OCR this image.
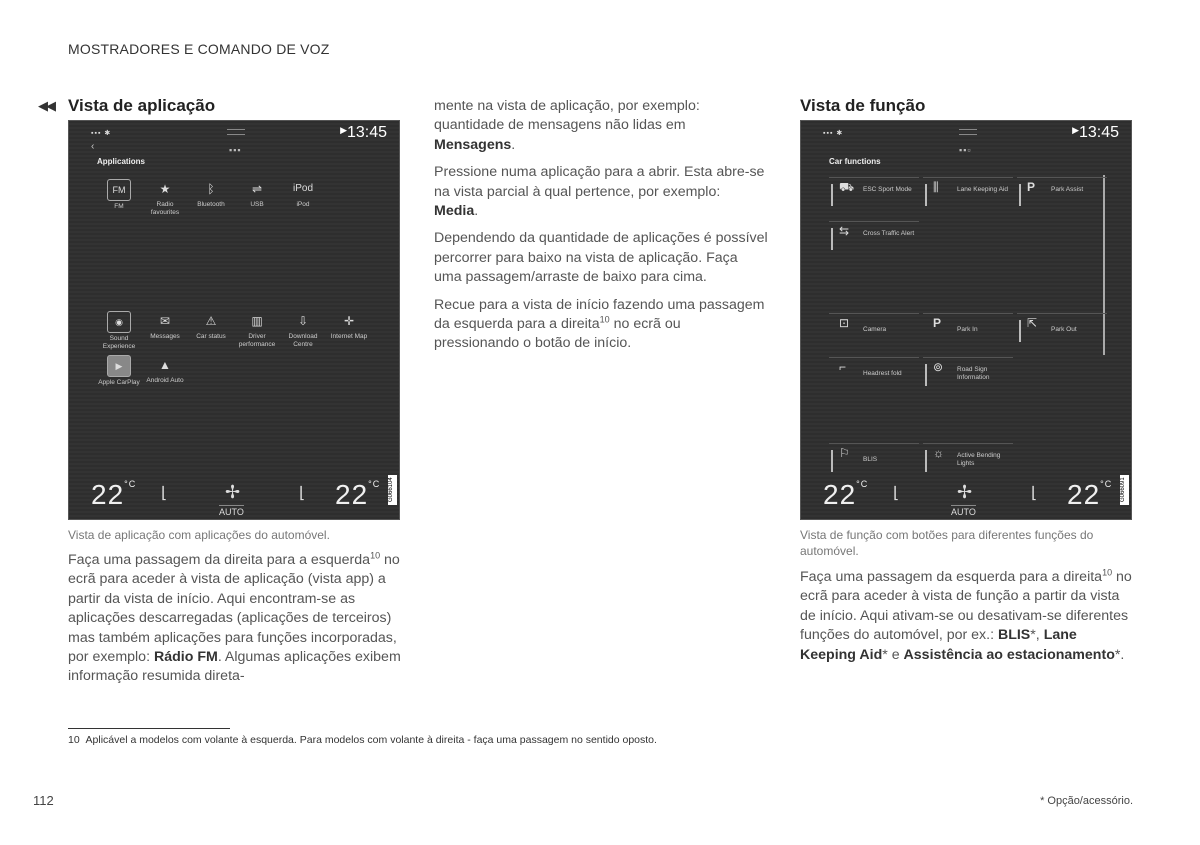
MOSTRADORES E COMANDO DE VOZ
◀◀ Vista de aplicação
▪▪▪ ✱	▶ 13:45
‹	▪▪▪
Applications
FM
FM
★
Radio favourites
ᛒ
Bluetooth
⇌
USB
iPod
iPod
◉
Sound Experience
✉
Messages
⚠
Car status
▥
Driver performance
⇩
Download Centre
✛
Internet Map
▶
Apple CarPlay
▲
Android Auto
$22^{^\circ C}$
⌊	✢
AUTO
⌊ $22^{^\circ C}$ G066104
Vista de aplicação com aplicações do automóvel.

Faça uma passagem da direita para a esquerda$^{10}$ no ecrã para aceder à vista de aplicação (vista app) a partir da vista de início. Aqui encontram-se as aplicações descarregadas (aplicações de terceiros) mas também aplicações para funções incorporadas, por exemplo: Rádio FM. Algumas aplicações exibem informação resumida direta-

mente na vista de aplicação, por exemplo: quantidade de mensagens não lidas em Mensagens.

Pressione numa aplicação para a abrir. Esta abre-se na vista parcial à qual pertence, por exemplo: Media.

Dependendo da quantidade de aplicações é possível percorrer para baixo na vista de aplicação. Faça uma passagem/arraste de baixo para cima.

Recue para a vista de início fazendo uma passagem da esquerda para a direita$^{10}$ no ecrã ou pressionando o botão de início.

Vista de função
▪▪▪ ✱	▶ 13:45
▪▪▫
Car functions
⛟ ESC Sport Mode	⫼	Lane Keeping Aid	P Park Assist
⇆ Cross Traffic Alert
⊡ Camera	P Park In	⇱ Park Out
⌐	Headrest fold	⊚ Road Sign Information
⚐ BLIS	☼ Active Bending Lights
$22^{^\circ C}$
⌊	✢
AUTO
⌊ $22^{^\circ C}$ G066091
Vista de função com botões para diferentes funções do automóvel.

Faça uma passagem da esquerda para a direita$^{10}$ no ecrã para aceder à vista de função a partir da vista de início. Aqui ativam-se ou desativam-se diferentes funções do automóvel, por ex.: BLIS*, Lane Keeping Aid* e Assistência ao estacionamento*.

10 Aplicável a modelos com volante à esquerda. Para modelos com volante à direita - faça uma passagem no sentido oposto.
112	* Opção/acessório.
